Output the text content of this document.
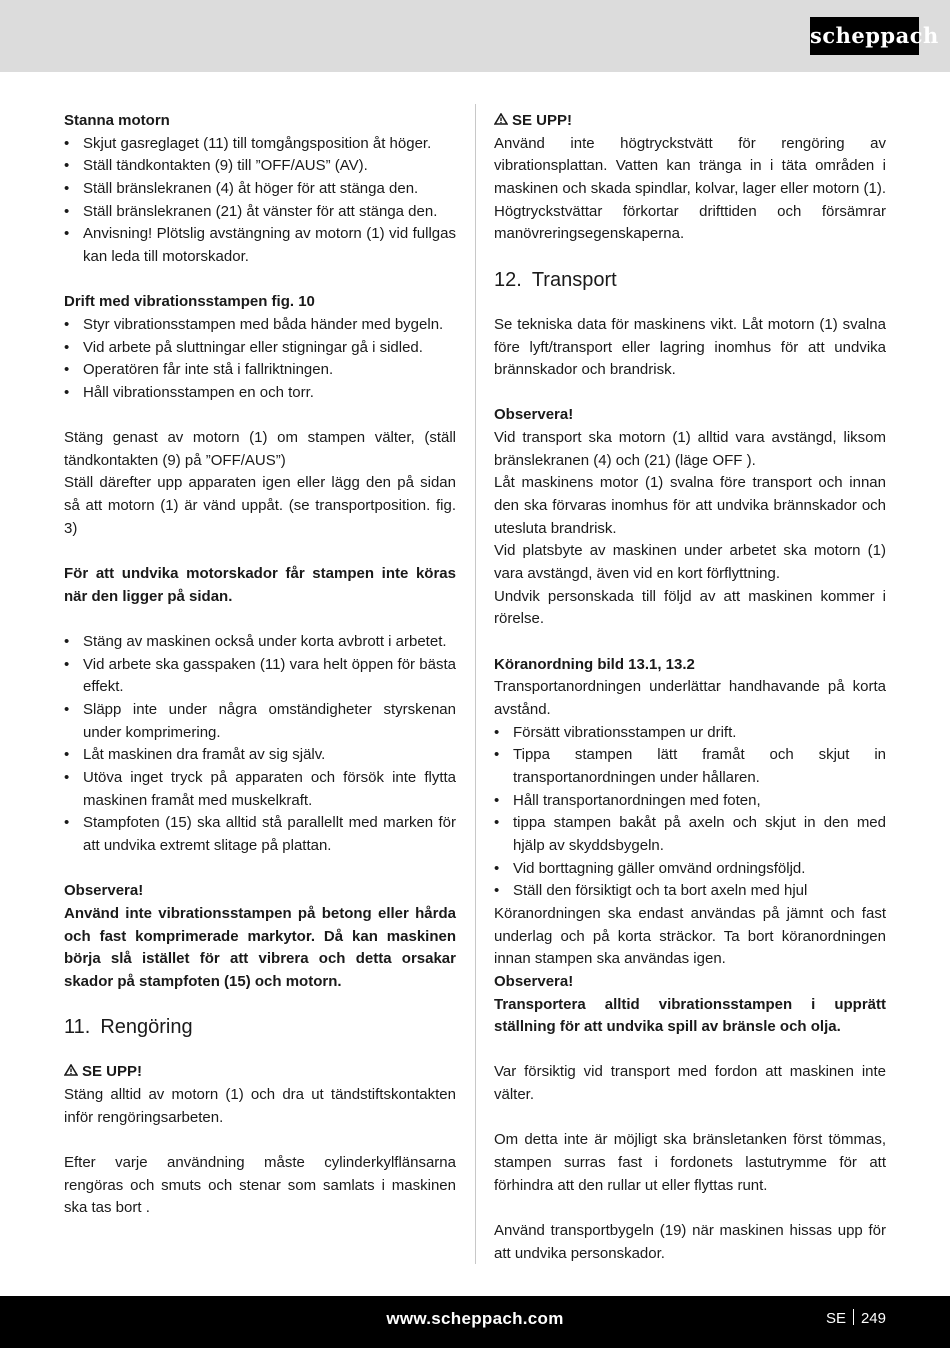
scheppach

Stanna motorn

• Skjut gasreglaget (11) till tomgångsposition åt höger.
• Ställ tändkontakten (9) till ”OFF/AUS” (AV).
• Ställ bränslekranen (4) åt höger för att stänga den.
• Ställ bränslekranen (21) åt vänster för att stänga den.
• Anvisning! Plötslig avstängning av motorn (1) vid fullgas kan leda till motorskador.

Drift med vibrationsstampen fig. 10

• Styr vibrationsstampen med båda händer med bygeln.
• Vid arbete på sluttningar eller stigningar gå i sidled.
• Operatören får inte stå i fallriktningen.
• Håll vibrationsstampen en och torr.

Stäng genast av motorn (1) om stampen välter, (ställ tändkontakten (9) på ”OFF/AUS”)

Ställ därefter upp apparaten igen eller lägg den på sidan så att motorn (1) är vänd uppåt. (se transportposition. fig. 3)

För att undvika motorskador får stampen inte köras när den ligger på sidan.

• Stäng av maskinen också under korta avbrott i arbetet.
• Vid arbete ska gasspaken (11) vara helt öppen för bästa effekt.
• Släpp inte under några omständigheter styrskenan under komprimering.
• Låt maskinen dra framåt av sig själv.
• Utöva inget tryck på apparaten och försök inte flytta maskinen framåt med muskelkraft.
• Stampfoten (15) ska alltid stå parallellt med marken för att undvika extremt slitage på plattan.

Observera!

Använd inte vibrationsstampen på betong eller hårda och fast komprimerade markytor. Då kan maskinen börja slå istället för att vibrera och detta orsakar skador på stampfoten (15) och motorn.

11. Rengöring

SE UPP!

Stäng alltid av motorn (1) och dra ut tändstiftskontakten inför rengöringsarbeten.

Efter varje användning måste cylinderkylflänsarna rengöras och smuts och stenar som samlats i maskinen ska tas bort .

SE UPP!

Använd inte högtryckstvätt för rengöring av vibrationsplattan. Vatten kan tränga in i täta områden i maskinen och skada spindlar, kolvar, lager eller motorn (1). Högtryckstvättar förkortar drifttiden och försämrar manövreringsegenskaperna.

12. Transport

Se tekniska data för maskinens vikt. Låt motorn (1) svalna före lyft/transport eller lagring inomhus för att undvika brännskador och brandrisk.

Observera!

Vid transport ska motorn (1) alltid vara avstängd, liksom bränslekranen (4) och (21) (läge OFF ).

Låt maskinens motor (1) svalna före transport och innan den ska förvaras inomhus för att undvika brännskador och utesluta brandrisk.

Vid platsbyte av maskinen under arbetet ska motorn (1) vara avstängd, även vid en kort förflyttning.

Undvik personskada till följd av att maskinen kommer i rörelse.

Köranordning bild 13.1, 13.2

Transportanordningen underlättar handhavande på korta avstånd.

• Försätt vibrationsstampen ur drift.
• Tippa stampen lätt framåt och skjut in transportanordningen under hållaren.
• Håll transportanordningen med foten,
• tippa stampen bakåt på axeln och skjut in den med hjälp av skyddsbygeln.
• Vid borttagning gäller omvänd ordningsföljd.
• Ställ den försiktigt och ta bort axeln med hjul

Köranordningen ska endast användas på jämnt och fast underlag och på korta sträckor. Ta bort köranordningen innan stampen ska användas igen.

Observera!

Transportera alltid vibrationsstampen i upprätt ställning för att undvika spill av bränsle och olja.

Var försiktig vid transport med fordon att maskinen inte välter.

Om detta inte är möjligt ska bränsletanken först tömmas, stampen surras fast i fordonets lastutrymme för att förhindra att den rullar ut eller flyttas runt.

Använd transportbygeln (19) när maskinen hissas upp för att undvika personskador.

www.scheppach.com	SE 249
